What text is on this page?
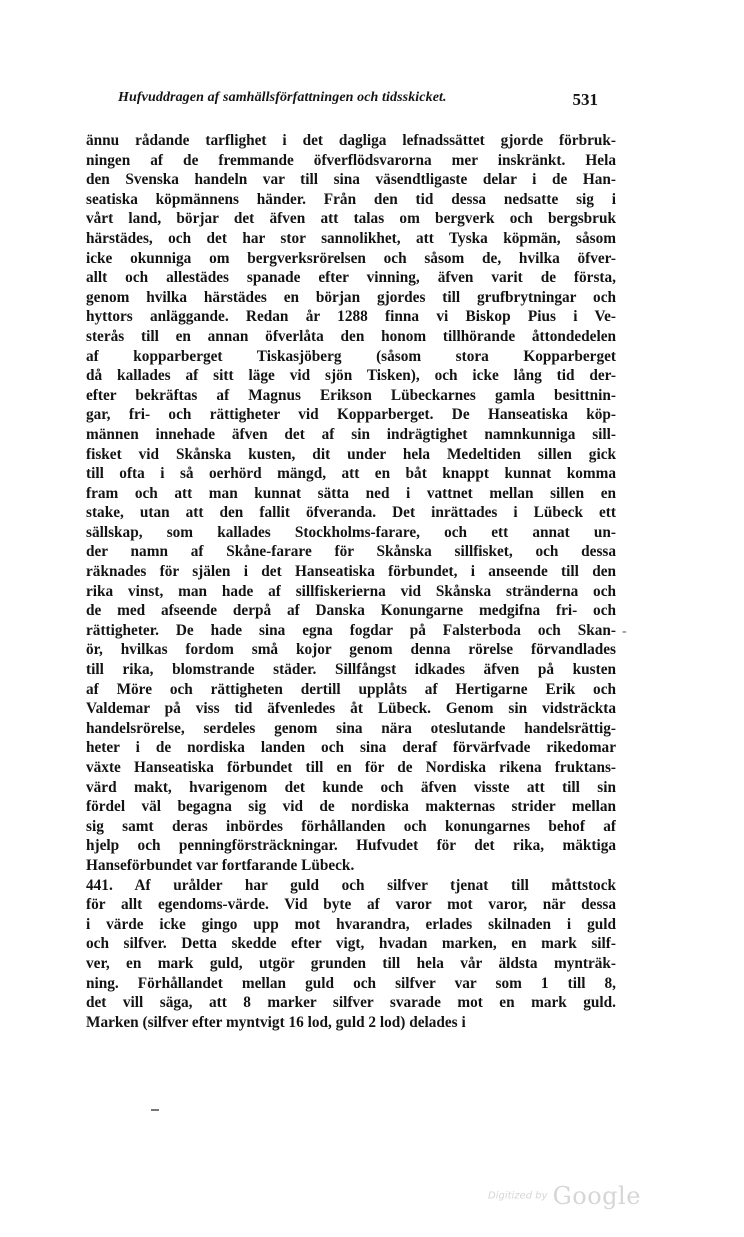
Hufvuddragen af samhällsförfattningen och tidsskicket.	531
ännu rådande tarflighet i det dagliga lefnadssättet gjorde förbruk-
ningen af de fremmande öfverflödsvarorna mer inskränkt. Hela
den Svenska handeln var till sina väsendtligaste delar i de Han-
seatiska köpmännens händer. Från den tid dessa nedsatte sig i
vårt land, börjar det äfven att talas om bergverk och bergsbruk
härstädes, och det har stor sannolikhet, att Tyska köpmän, såsom
icke okunniga om bergverksrörelsen och såsom de, hvilka öfver-
allt och allestädes spanade efter vinning, äfven varit de första,
genom hvilka härstädes en början gjordes till grufbrytningar och
hyttors anläggande. Redan år 1288 finna vi Biskop Pius i Ve-
sterås till en annan öfverlåta den honom tillhörande åttondedelen
af kopparberget Tiskasjöberg (såsom stora Kopparberget
då kallades af sitt läge vid sjön Tisken), och icke lång tid der-
efter bekräftas af Magnus Erikson Lübeckarnes gamla besittnin-
gar, fri- och rättigheter vid Kopparberget. De Hanseatiska köp-
männen innehade äfven det af sin indrägtighet namnkunniga sill-
fisket vid Skånska kusten, dit under hela Medeltiden sillen gick
till ofta i så oerhörd mängd, att en båt knappt kunnat komma
fram och att man kunnat sätta ned i vattnet mellan sillen en
stake, utan att den fallit öfveranda. Det inrättades i Lübeck ett
sällskap, som kallades Stockholms-farare, och ett annat un-
der namn af Skåne-farare för Skånska sillfisket, och dessa
räknades för själen i det Hanseatiska förbundet, i anseende till den
rika vinst, man hade af sillfiskerierna vid Skånska stränderna och
de med afseende derpå af Danska Konungarne medgifna fri- och
rättigheter. De hade sina egna fogdar på Falsterboda och Skan-
ör, hvilkas fordom små kojor genom denna rörelse förvandlades
till rika, blomstrande städer. Sillfångst idkades äfven på kusten
af Möre och rättigheten dertill upplåts af Hertigarne Erik och
Valdemar på viss tid äfvenledes åt Lübeck. Genom sin vidsträckta
handelsrörelse, serdeles genom sina nära oteslutande handelsrättig-
heter i de nordiska landen och sina deraf förvärfvade rikedomar
växte Hanseatiska förbundet till en för de Nordiska rikena fruktans-
värd makt, hvarigenom det kunde och äfven visste att till sin
fördel väl begagna sig vid de nordiska makternas strider mellan
sig samt deras inbördes förhållanden och konungarnes behof af
hjelp och penningförsträckningar. Hufvudet för det rika, mäktiga
Hanseförbundet var fortfarande Lübeck.
441. Af urålder har guld och silfver tjenat till måttstock
för allt egendoms-värde. Vid byte af varor mot varor, när dessa
i värde icke gingo upp mot hvarandra, erlades skilnaden i guld
och silfver. Detta skedde efter vigt, hvadan marken, en mark silf-
ver, en mark guld, utgör grunden till hela vår äldsta mynträk-
ning. Förhållandet mellan guld och silfver var som 1 till 8,
det vill säga, att 8 marker silfver svarade mot en mark guld.
Marken (silfver efter myntvigt 16 lod, guld 2 lod) delades i
-
Digitized by Google
